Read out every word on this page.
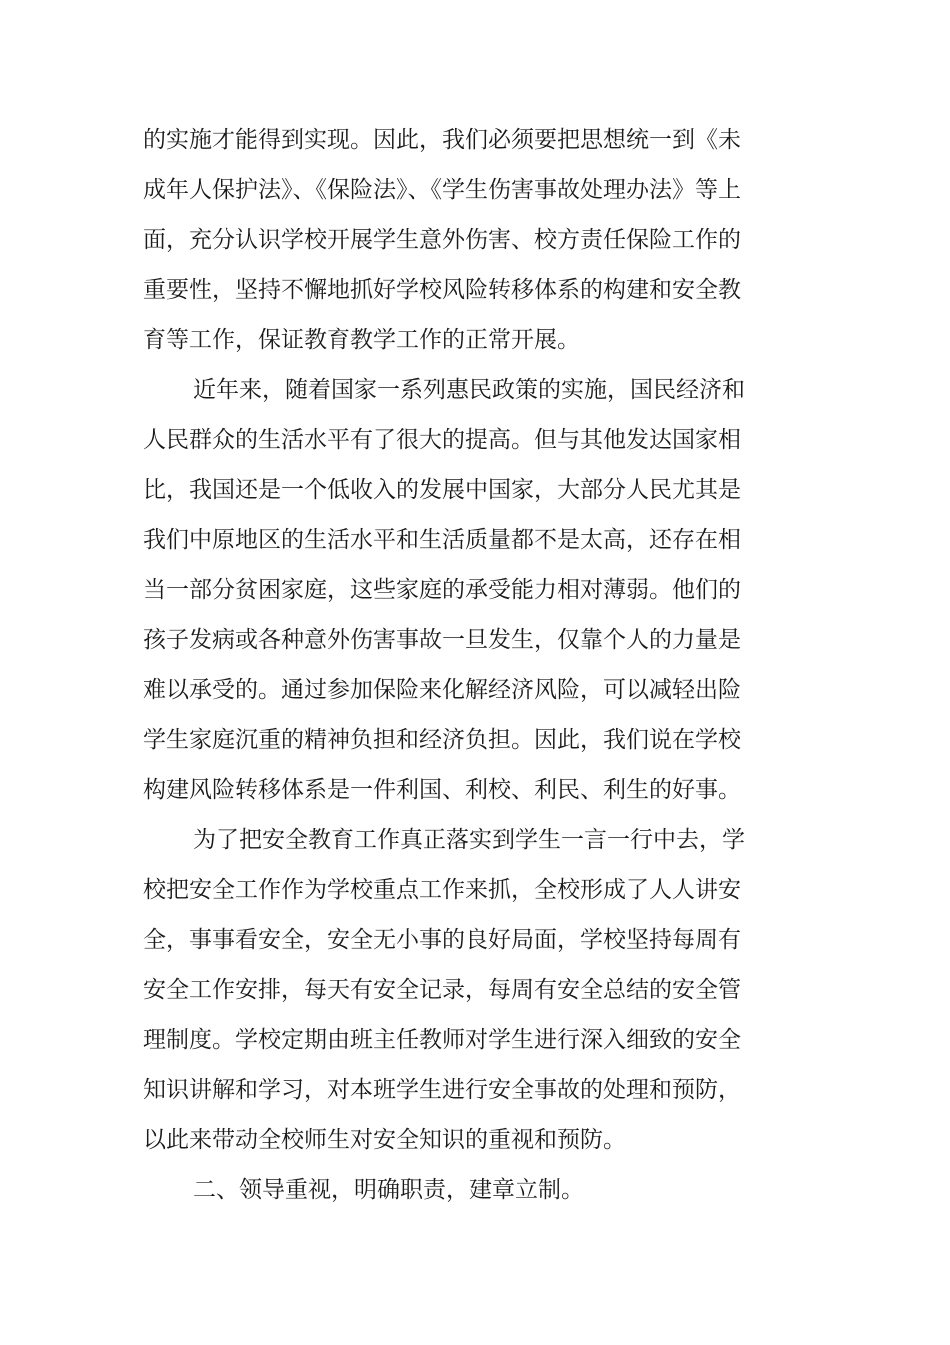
的实施才能得到实现。因此，我们必须要把思想统一到《未
成年人保护法》、《保险法》、《学生伤害事故处理办法》等上
面，充分认识学校开展学生意外伤害、校方责任保险工作的
重要性，坚持不懈地抓好学校风险转移体系的构建和安全教
育等工作，保证教育教学工作的正常开展。
近年来，随着国家一系列惠民政策的实施，国民经济和
人民群众的生活水平有了很大的提高。但与其他发达国家相
比，我国还是一个低收入的发展中国家，大部分人民尤其是
我们中原地区的生活水平和生活质量都不是太高，还存在相
当一部分贫困家庭，这些家庭的承受能力相对薄弱。他们的
孩子发病或各种意外伤害事故一旦发生，仅靠个人的力量是
难以承受的。通过参加保险来化解经济风险，可以减轻出险
学生家庭沉重的精神负担和经济负担。因此，我们说在学校
构建风险转移体系是一件利国、利校、利民、利生的好事。
为了把安全教育工作真正落实到学生一言一行中去，学
校把安全工作作为学校重点工作来抓，全校形成了人人讲安
全，事事看安全，安全无小事的良好局面，学校坚持每周有
安全工作安排，每天有安全记录，每周有安全总结的安全管
理制度。学校定期由班主任教师对学生进行深入细致的安全
知识讲解和学习，对本班学生进行安全事故的处理和预防，
以此来带动全校师生对安全知识的重视和预防。
二、领导重视，明确职责，建章立制。
